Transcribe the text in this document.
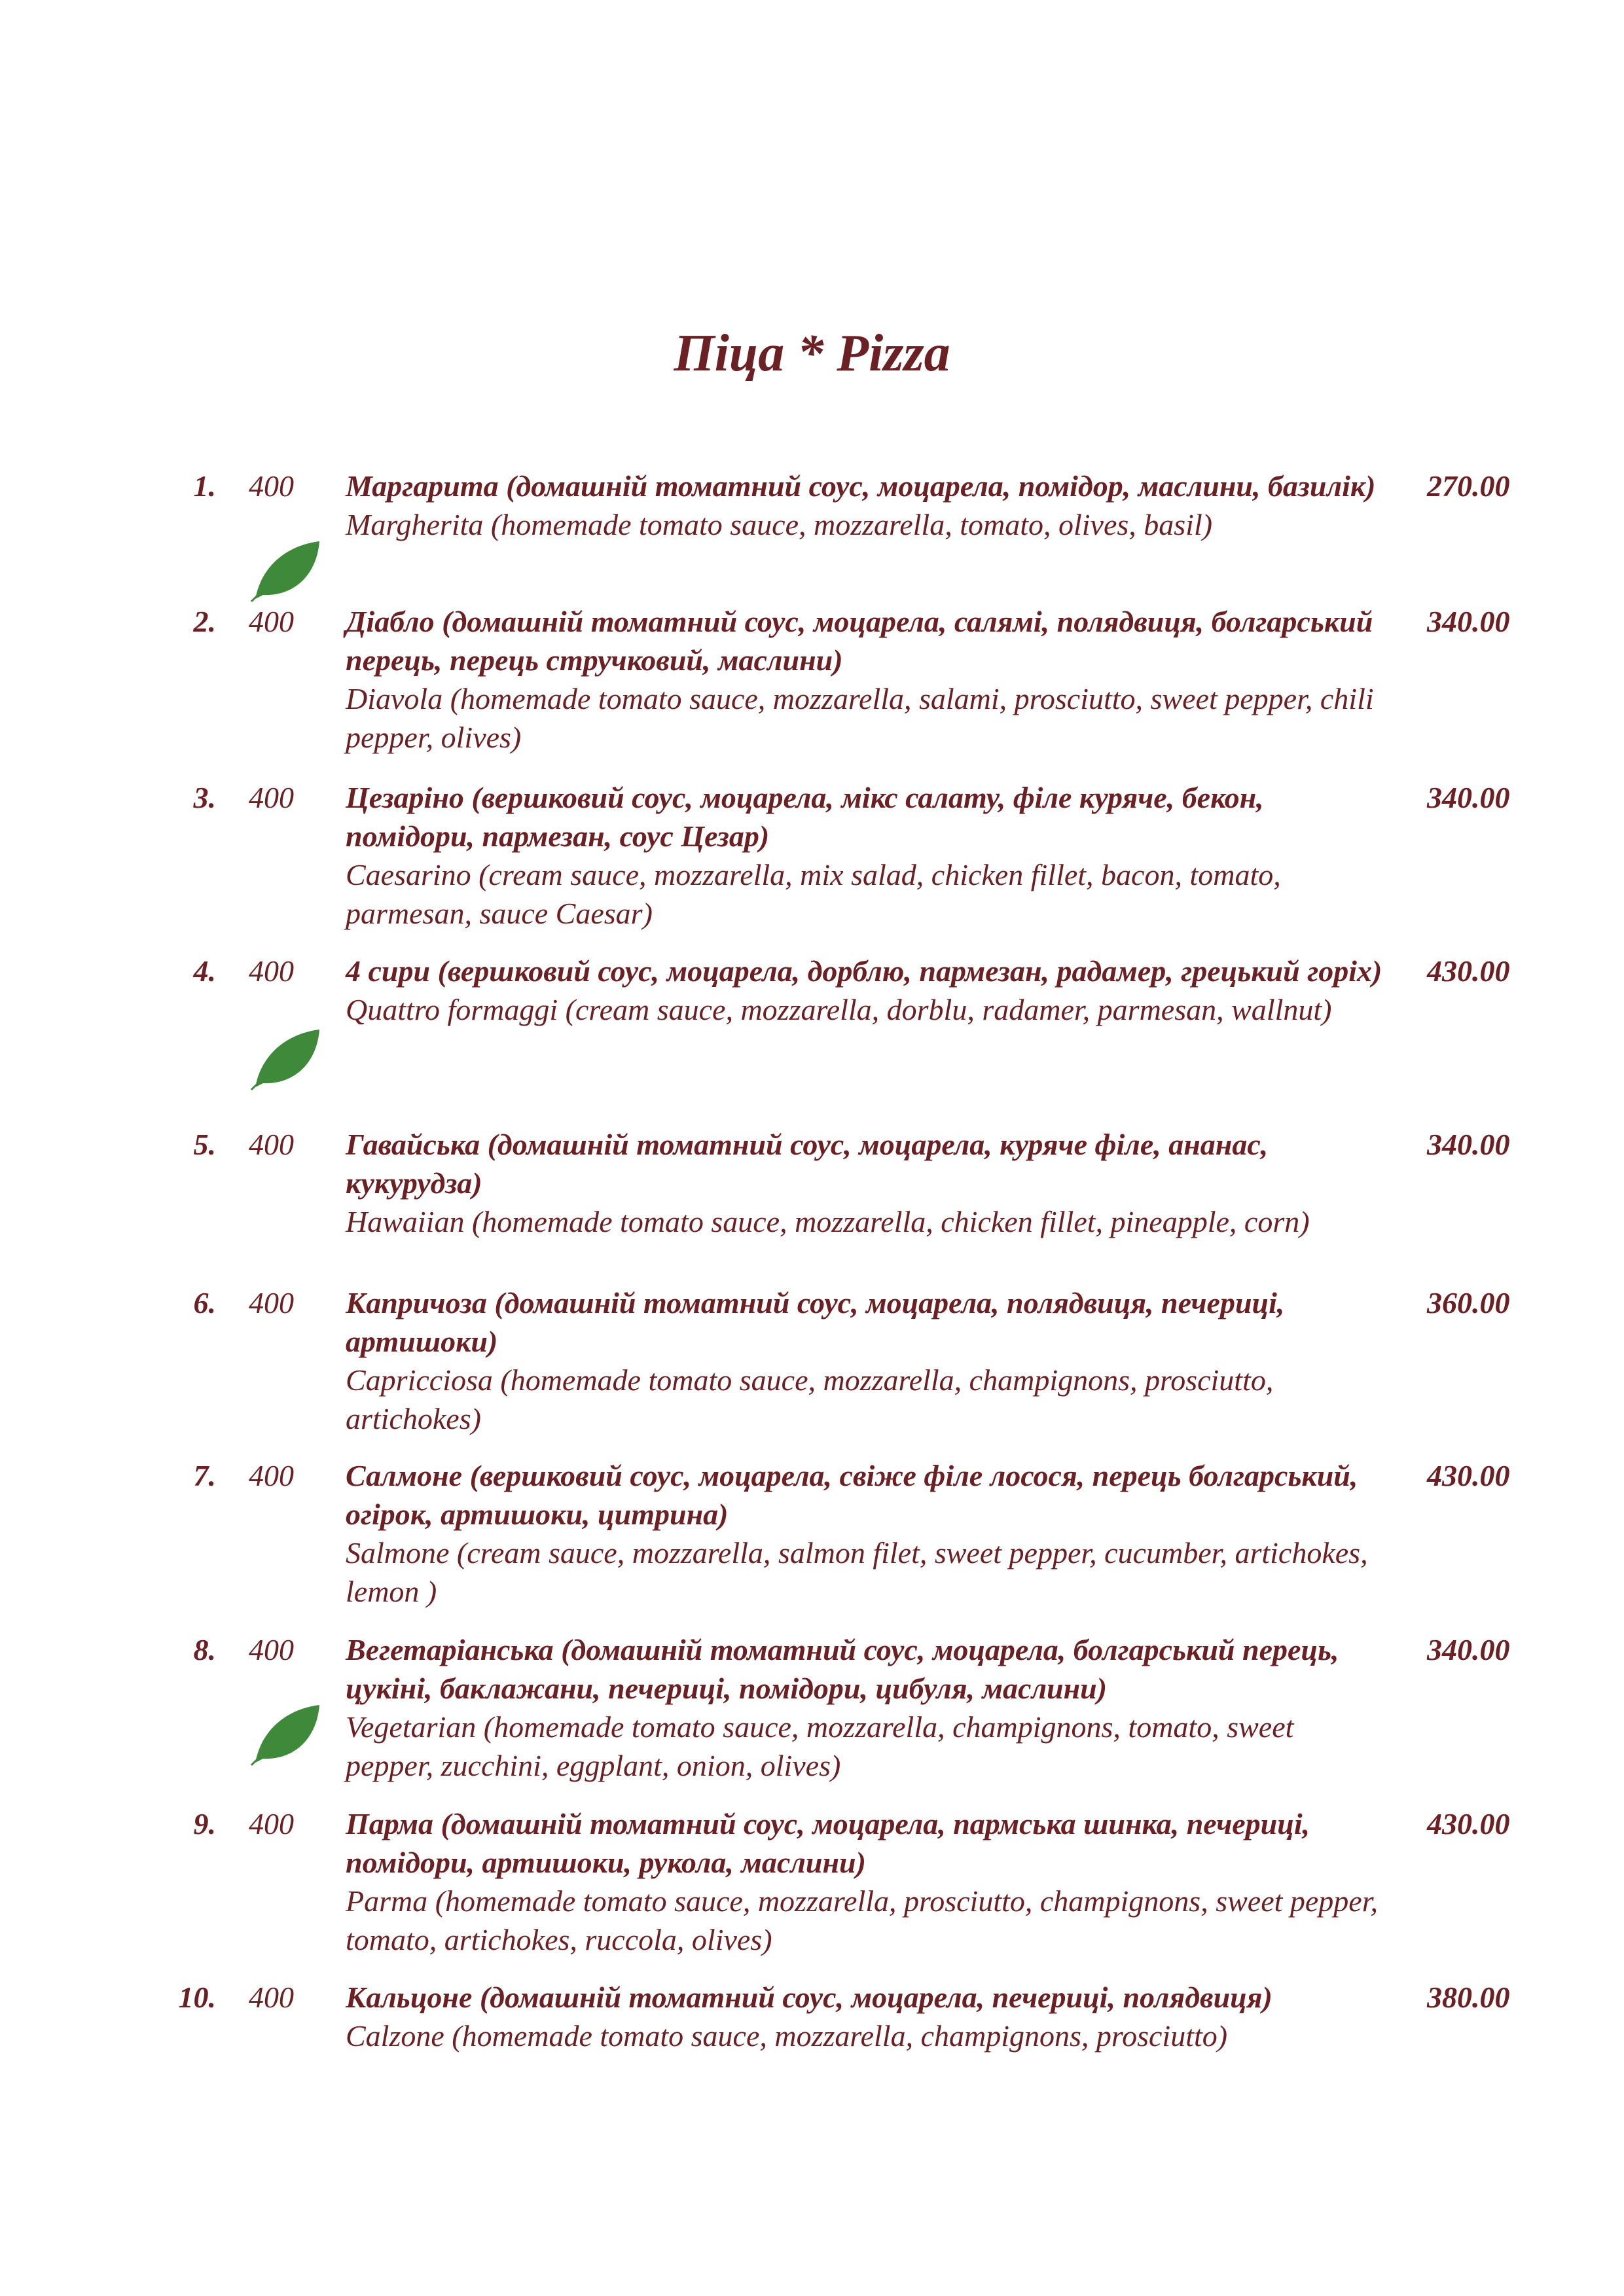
Піца * Pizza
1. 400 Маргарита (домашній томатний соус, моцарела, помідор, маслини, базилік)
Margherita (homemade tomato sauce, mozzarella, tomato, olives, basil)
270.00
2. 400 Діабло (домашній томатний соус, моцарела, салямі, полядвиця, болгарський перець, перець стручковий, маслини)
Diavola (homemade tomato sauce, mozzarella, salami, prosciutto, sweet pepper, chili pepper, olives)
340.00
3. 400 Цезаріно (вершковий соус, моцарела, мікс салату, філе куряче, бекон, помідори, пармезан, соус Цезар)
Caesarino (cream sauce, mozzarella, mix salad, chicken fillet, bacon, tomato, parmesan, sauce Caesar)
340.00
4. 400 4 сири (вершковий соус, моцарела, дорблю, пармезан, радамер, грецький горіх)
Quattro formaggi (cream sauce, mozzarella, dorblu, radamer, parmesan, wallnut)
430.00
5. 400 Гавайська (домашній томатний соус, моцарела, куряче філе, ананас, кукурудза)
Hawaiian (homemade tomato sauce, mozzarella, chicken fillet, pineapple, corn)
340.00
6. 400 Капричоза (домашній томатний соус, моцарела, полядвиця, печериці, артишоки)
Capricciosa (homemade tomato sauce, mozzarella, champignons, prosciutto, artichokes)
360.00
7. 400 Салмоне (вершковий соус, моцарела, свіже філе лосося, перець болгарський, огірок, артишоки, цитрина)
Salmone (cream sauce, mozzarella, salmon filet, sweet pepper, cucumber, artichokes, lemon )
430.00
8. 400 Вегетаріанська (домашній томатний соус, моцарела, болгарський перець, цукіні, баклажани, печериці, помідори, цибуля, маслини)
Vegetarian (homemade tomato sauce, mozzarella, champignons, tomato, sweet pepper, zucchini, eggplant, onion, olives)
340.00
9. 400 Парма (домашній томатний соус, моцарела, пармська шинка, печериці, помідори, артишоки, рукола, маслини)
Parma (homemade tomato sauce, mozzarella, prosciutto, champignons, sweet pepper, tomato, artichokes, ruccola, olives)
430.00
10. 400 Кальцоне (домашній томатний соус, моцарела, печериці, полядвиця)
Calzone (homemade tomato sauce, mozzarella, champignons, prosciutto)
380.00
